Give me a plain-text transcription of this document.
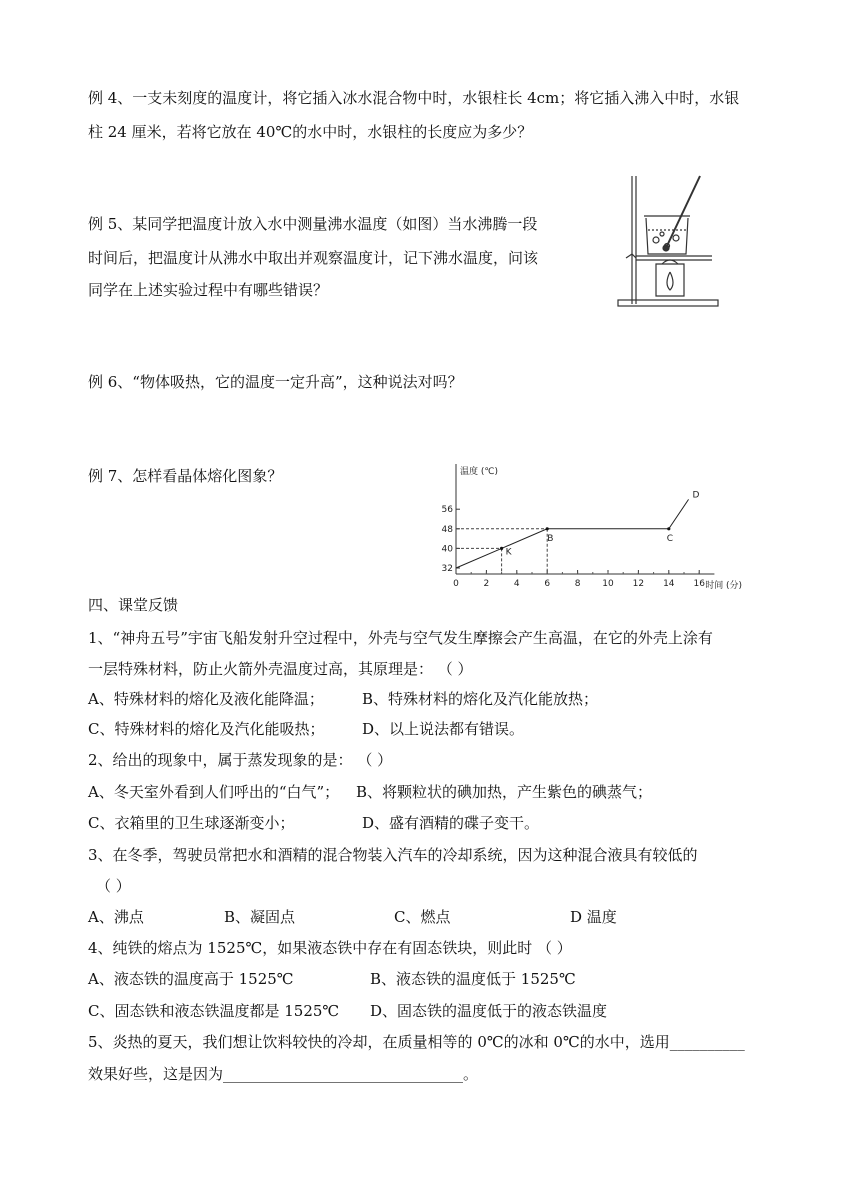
例 4、一支未刻度的温度计，将它插入冰水混合物中时，水银柱长 4cm；将它插入沸入中时，水银
柱 24 厘米，若将它放在 40℃的水中时，水银柱的长度应为多少？
例 5、某同学把温度计放入水中测量沸水温度（如图）当水沸腾一段
时间后，把温度计从沸水中取出并观察温度计，记下沸水温度，问该
同学在上述实验过程中有哪些错误？
例 6、“物体吸热，它的温度一定升高”，这种说法对吗？
例 7、怎样看晶体熔化图象？	温度 (℃)
时间 (分)
0	2	4	6	8 10 12 14 16
32
40
48
56
K
B	C
D
四、课堂反馈
1、“神舟五号”宇宙飞船发射升空过程中，外壳与空气发生摩擦会产生高温，在它的外壳上涂有
一层特殊材料，防止火箭外壳温度过高，其原理是： （ ）
A、特殊材料的熔化及液化能降温；	B、特殊材料的熔化及汽化能放热；
C、特殊材料的熔化及汽化能吸热；	D、以上说法都有错误。
2、给出的现象中，属于蒸发现象的是： （ ）
A、冬天室外看到人们呼出的“白气”； B、将颗粒状的碘加热，产生紫色的碘蒸气；
C、衣箱里的卫生球逐渐变小；	D、盛有酒精的碟子变干。
3、在冬季，驾驶员常把水和酒精的混合物装入汽车的冷却系统，因为这种混合液具有较低的
（ ）
A、沸点	B、凝固点	C、燃点	D 温度
4、纯铁的熔点为 1525℃，如果液态铁中存在有固态铁块，则此时 （ ）
A、液态铁的温度高于 1525℃	B、液态铁的温度低于 1525℃
C、固态铁和液态铁温度都是 1525℃ D、固态铁的温度低于的液态铁温度
5、炎热的夏天，我们想让饮料较快的冷却，在质量相等的 0℃的冰和 0℃的水中，选用__________
效果好些，这是因为________________________________。
